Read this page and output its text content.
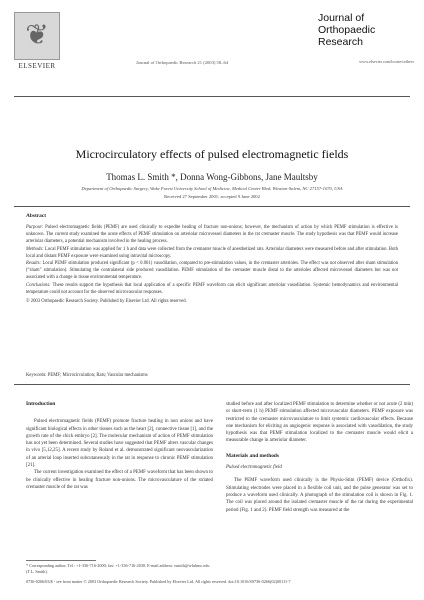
❦
ELSEVIER	Journal of Orthopaedic Research 21 (2003) 58–64
Journal of
Orthopaedic
Research
www.elsevier.com/locate/orthres
Microcirculatory effects of pulsed electromagnetic fields
Thomas L. Smith *, Donna Wong-Gibbons, Jane Maultsby
Department of Orthopaedic Surgery, Wake Forest University School of Medicine, Medical Center Blvd, Winston-Salem, NC 27157-1070, USA
Received 27 September 2001; accepted 9 June 2002
Abstract

Purpose: Pulsed electromagnetic fields (PEMF) are used clinically to expedite healing of fracture non-unions; however, the mechanism of action by which PEMF stimulation is effective is unknown. The current study examined the acute effects of PEMF stimulation on arteriolar microvessel diameters in the rat cremaster muscle. The study hypothesis was that PEMF would increase arteriolar diameters, a potential mechanism involved in the healing process.

Methods: Local PEMF stimulation was applied for 1 h and data were collected from the cremaster muscle of anesthetized rats. Arteriolar diameters were measured before and after stimulation. Both local and distant PEMF exposure were examined using intravital microscopy.

Results: Local PEMF stimulation produced significant (p < 0.001) vasodilation, compared to pre-stimulation values, in the cremaster arterioles. The effect was not observed after sham stimulation (“sham” stimulation). Stimulating the contralateral side produced vasodilation. PEMF stimulation of the cremaster muscle distal to the arterioles affected microvessel diameters but was not associated with a change in tissue environmental temperature.

Conclusions: These results support the hypothesis that local application of a specific PEMF waveform can elicit significant arteriolar vasodilation. Systemic hemodynamics and environmental temperature could not account for the observed microvascular responses.

© 2003 Orthopaedic Research Society. Published by Elsevier Ltd. All rights reserved.
Keywords: PEMF; Microcirculation; Rats; Vascular mechanisms
Introduction

Pulsed electromagnetic fields (PEMF) promote fracture healing in non unions and have significant biological effects in other tissues such as the heart [2], connective tissue [1], and the growth rate of the chick embryo [2]. The molecular mechanism of action of PEMF stimulation has not yet been determined. Several studies have suggested that PEMF alters vascular changes in vivo [5,12,25]. A recent study by Roland et al. demonstrated significant neovascularization of an arterial loop inserted subcutaneously in the rat in response to chronic PEMF stimulation [21].

The current investigation examined the effect of a PEMF waveform that has been shown to be clinically effective in healing fracture non-unions. The microvasculature of the striated cremaster muscle of the rat was

studied before and after localized PEMF stimulation to determine whether or not acute (2 min) or short-term (1 h) PEMF stimulation affected microvascular diameters. PEMF exposure was restricted to the cremaster microvasculature to limit systemic cardiovascular effects. Because one mechanism for eliciting an angiogenic response is associated with vasodilation, the study hypothesis was that PEMF stimulation localized to the cremaster muscle would elicit a measurable change in arteriolar diameter.

Materials and methods
Pulsed electromagnetic field

The PEMF waveform used clinically is the Physio-Stim (PEMF) device (Orthofix). Stimulating electrodes were placed in a flexible coil unit, and the pulse generator was set to produce a waveform used clinically. A photograph of the stimulation coil is shown in Fig. 1. The coil was placed around the isolated cremaster muscle of the rat during the experimental period (Fig. 1 and 2). PEMF field strength was measured at the

* Corresponding author. Tel.: +1-336-716-2000; fax: +1-336-716-2030. E-mail address: tsmith@wfubmc.edu (T.L. Smith).
0736-0266/03/$ - see front matter © 2003 Orthopaedic Research Society. Published by Elsevier Ltd. All rights reserved. doi:10.1016/S0736-0266(02)00111-7
